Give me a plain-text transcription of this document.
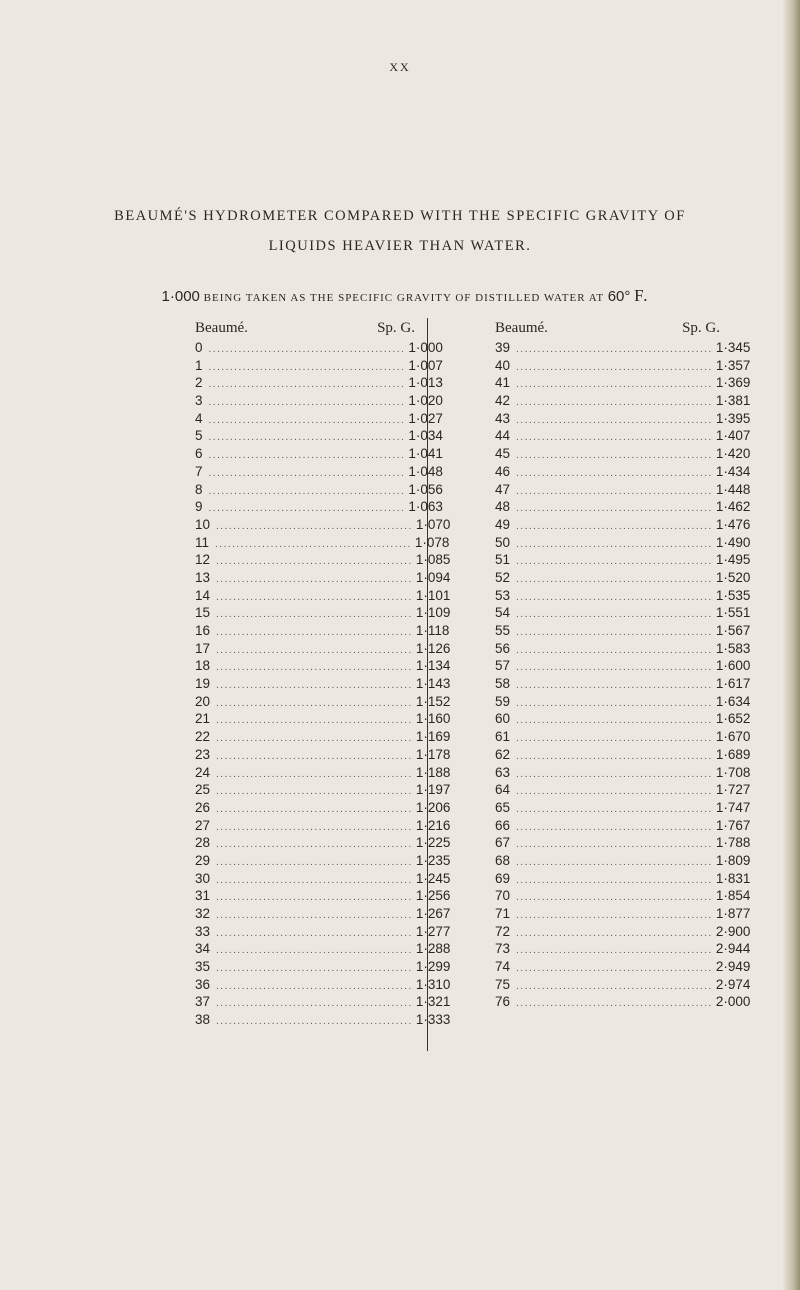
XX
BEAUMÉ'S HYDROMETER COMPARED WITH THE SPECIFIC GRAVITY OF
LIQUIDS HEAVIER THAN WATER.
1·000 BEING TAKEN AS THE SPECIFIC GRAVITY OF DISTILLED WATER AT 60° F.
Beaumé.	Sp. G.
0 .............................................. 1·000
1 .............................................. 1·007
2 .............................................. 1·013
3 .............................................. 1·020
4 .............................................. 1·027
5 .............................................. 1·034
6 .............................................. 1·041
7 .............................................. 1·048
8 .............................................. 1·056
9 .............................................. 1·063
10 .............................................. 1·070
11 .............................................. 1·078
12 .............................................. 1·085
13 .............................................. 1·094
14 .............................................. 1·101
15 .............................................. 1·109
16 .............................................. 1·118
17 .............................................. 1·126
18 .............................................. 1·134
19 .............................................. 1·143
20 .............................................. 1·152
21 .............................................. 1·160
22 .............................................. 1·169
23 .............................................. 1·178
24 .............................................. 1·188
25 .............................................. 1·197
26 .............................................. 1·206
27 .............................................. 1·216
28 .............................................. 1·225
29 .............................................. 1·235
30 .............................................. 1·245
31 .............................................. 1·256
32 .............................................. 1·267
33 .............................................. 1·277
34 .............................................. 1·288
35 .............................................. 1·299
36 .............................................. 1·310
37 .............................................. 1·321
38 .............................................. 1·333
Beaumé.	Sp. G.
39 .............................................. 1·345
40 .............................................. 1·357
41 .............................................. 1·369
42 .............................................. 1·381
43 .............................................. 1·395
44 .............................................. 1·407
45 .............................................. 1·420
46 .............................................. 1·434
47 .............................................. 1·448
48 .............................................. 1·462
49 .............................................. 1·476
50 .............................................. 1·490
51 .............................................. 1·495
52 .............................................. 1·520
53 .............................................. 1·535
54 .............................................. 1·551
55 .............................................. 1·567
56 .............................................. 1·583
57 .............................................. 1·600
58 .............................................. 1·617
59 .............................................. 1·634
60 .............................................. 1·652
61 .............................................. 1·670
62 .............................................. 1·689
63 .............................................. 1·708
64 .............................................. 1·727
65 .............................................. 1·747
66 .............................................. 1·767
67 .............................................. 1·788
68 .............................................. 1·809
69 .............................................. 1·831
70 .............................................. 1·854
71 .............................................. 1·877
72 .............................................. 2·900
73 .............................................. 2·944
74 .............................................. 2·949
75 .............................................. 2·974
76 .............................................. 2·000
